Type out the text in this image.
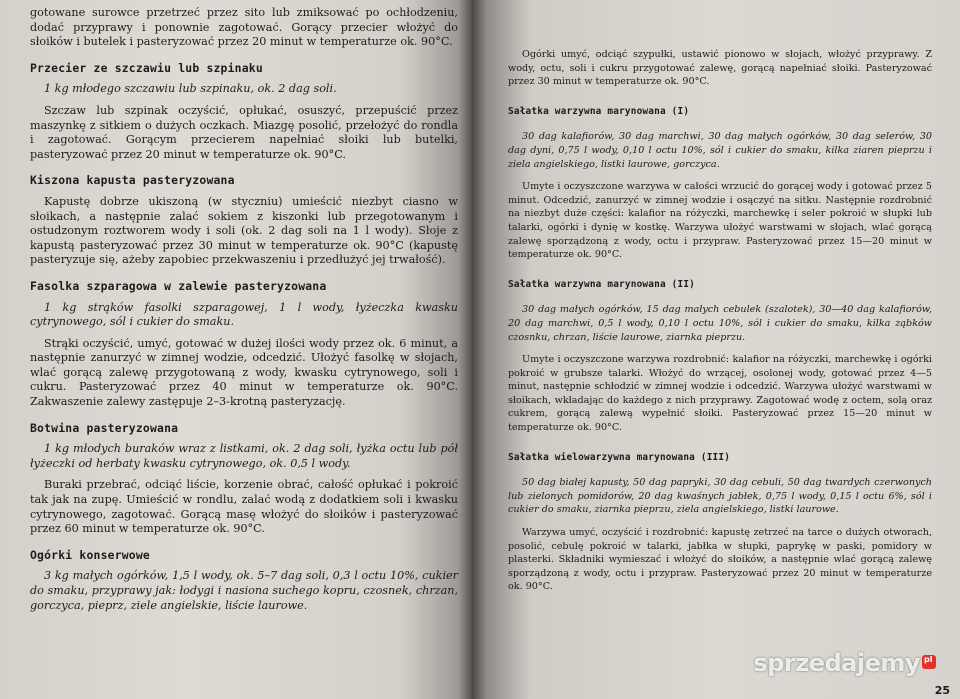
gotowane surowce przetrzeć przez sito lub zmiksować po ochłodzeniu, dodać przyprawy i ponownie zagotować. Gorący przecier włożyć do słoików i butelek i pasteryzować przez 20 minut w temperaturze ok. 90°C.

Przecier ze szczawiu lub szpinaku

1 kg młodego szczawiu lub szpinaku, ok. 2 dag soli.

Szczaw lub szpinak oczyścić, opłukać, osuszyć, przepuścić przez maszynkę z sitkiem o dużych oczkach. Miazgę posolić, przełożyć do rondla i zagotować. Gorącym przecierem napełniać słoiki lub butelki, pasteryzować przez 20 minut w temperaturze ok. 90°C.

Kiszona kapusta pasteryzowana

Kapustę dobrze ukiszoną (w styczniu) umieścić niezbyt ciasno w słoikach, a następnie zalać sokiem z kiszonki lub przegotowanym i ostudzonym roztworem wody i soli (ok. 2 dag soli na 1 l wody). Słoje z kapustą pasteryzować przez 30 minut w temperaturze ok. 90°C (kapustę pasteryzuje się, ażeby zapobiec przekwaszeniu i przedłużyć jej trwałość).

Fasolka szparagowa w zalewie pasteryzowana

1 kg strąków fasolki szparagowej, 1 l wody, łyżeczka kwasku cytrynowego, sól i cukier do smaku.

Strąki oczyścić, umyć, gotować w dużej ilości wody przez ok. 6 minut, a następnie zanurzyć w zimnej wodzie, odcedzić. Ułożyć fasolkę w słojach, wlać gorącą zalewę przygotowaną z wody, kwasku cytrynowego, soli i cukru. Pasteryzować przez 40 minut w temperaturze ok. 90°C. Zakwaszenie zalewy zastępuje 2–3-krotną pasteryzację.

Botwina pasteryzowana

1 kg młodych buraków wraz z listkami, ok. 2 dag soli, łyżka octu lub pół łyżeczki od herbaty kwasku cytrynowego, ok. 0,5 l wody.

Buraki przebrać, odciąć liście, korzenie obrać, całość opłukać i pokroić tak jak na zupę. Umieścić w rondlu, zalać wodą z dodatkiem soli i kwasku cytrynowego, zagotować. Gorącą masę włożyć do słoików i pasteryzować przez 60 minut w temperaturze ok. 90°C.

Ogórki konserwowe

3 kg małych ogórków, 1,5 l wody, ok. 5–7 dag soli, 0,3 l octu 10%, cukier do smaku, przyprawy jak: łodygi i nasiona suchego kopru, czosnek, chrzan, gorczyca, pieprz, ziele angielskie, liście laurowe.

Ogórki umyć, odciąć szypułki, ustawić pionowo w słojach, włożyć przyprawy. Z wody, octu, soli i cukru przygotować zalewę, gorącą napełniać słoiki. Pasteryzować przez 30 minut w temperaturze ok. 90°C.

Sałatka warzywna marynowana (I)

30 dag kalafiorów, 30 dag marchwi, 30 dag małych ogórków, 30 dag selerów, 30 dag dyni, 0,75 l wody, 0,10 l octu 10%, sól i cukier do smaku, kilka ziaren pieprzu i ziela angielskiego, listki laurowe, gorczyca.

Umyte i oczyszczone warzywa w całości wrzucić do gorącej wody i gotować przez 5 minut. Odcedzić, zanurzyć w zimnej wodzie i osączyć na sitku. Następnie rozdrobnić na niezbyt duże części: kalafior na różyczki, marchewkę i seler pokroić w słupki lub talarki, ogórki i dynię w kostkę. Warzywa ułożyć warstwami w słojach, wlać gorącą zalewę sporządzoną z wody, octu i przypraw. Pasteryzować przez 15—20 minut w temperaturze ok. 90°C.

Sałatka warzywna marynowana (II)

30 dag małych ogórków, 15 dag małych cebulek (szalotek), 30—40 dag kalafiorów, 20 dag marchwi, 0,5 l wody, 0,10 l octu 10%, sól i cukier do smaku, kilka ząbków czosnku, chrzan, liście laurowe, ziarnka pieprzu.

Umyte i oczyszczone warzywa rozdrobnić: kalafior na różyczki, marchewkę i ogórki pokroić w grubsze talarki. Włożyć do wrzącej, osolonej wody, gotować przez 4—5 minut, następnie schłodzić w zimnej wodzie i odcedzić. Warzywa ułożyć warstwami w słoikach, wkładając do każdego z nich przyprawy. Zagotować wodę z octem, solą oraz cukrem, gorącą zalewą wypełnić słoiki. Pasteryzować przez 15—20 minut w temperaturze ok. 90°C.

Sałatka wielowarzywna marynowana (III)

50 dag białej kapusty, 50 dag papryki, 30 dag cebuli, 50 dag twardych czerwonych lub zielonych pomidorów, 20 dag kwaśnych jabłek, 0,75 l wody, 0,15 l octu 6%, sól i cukier do smaku, ziarnka pieprzu, ziela angielskiego, listki laurowe.

Warzywa umyć, oczyścić i rozdrobnić: kapustę zetrzeć na tarce o dużych otworach, posolić, cebulę pokroić w talarki, jabłka w słupki, paprykę w paski, pomidory w plasterki. Składniki wymieszać i włożyć do słoików, a następnie wlać gorącą zalewę sporządzoną z wody, octu i przypraw. Pasteryzować przez 20 minut w temperaturze ok. 90°C.

sprzedajemy pl
25
